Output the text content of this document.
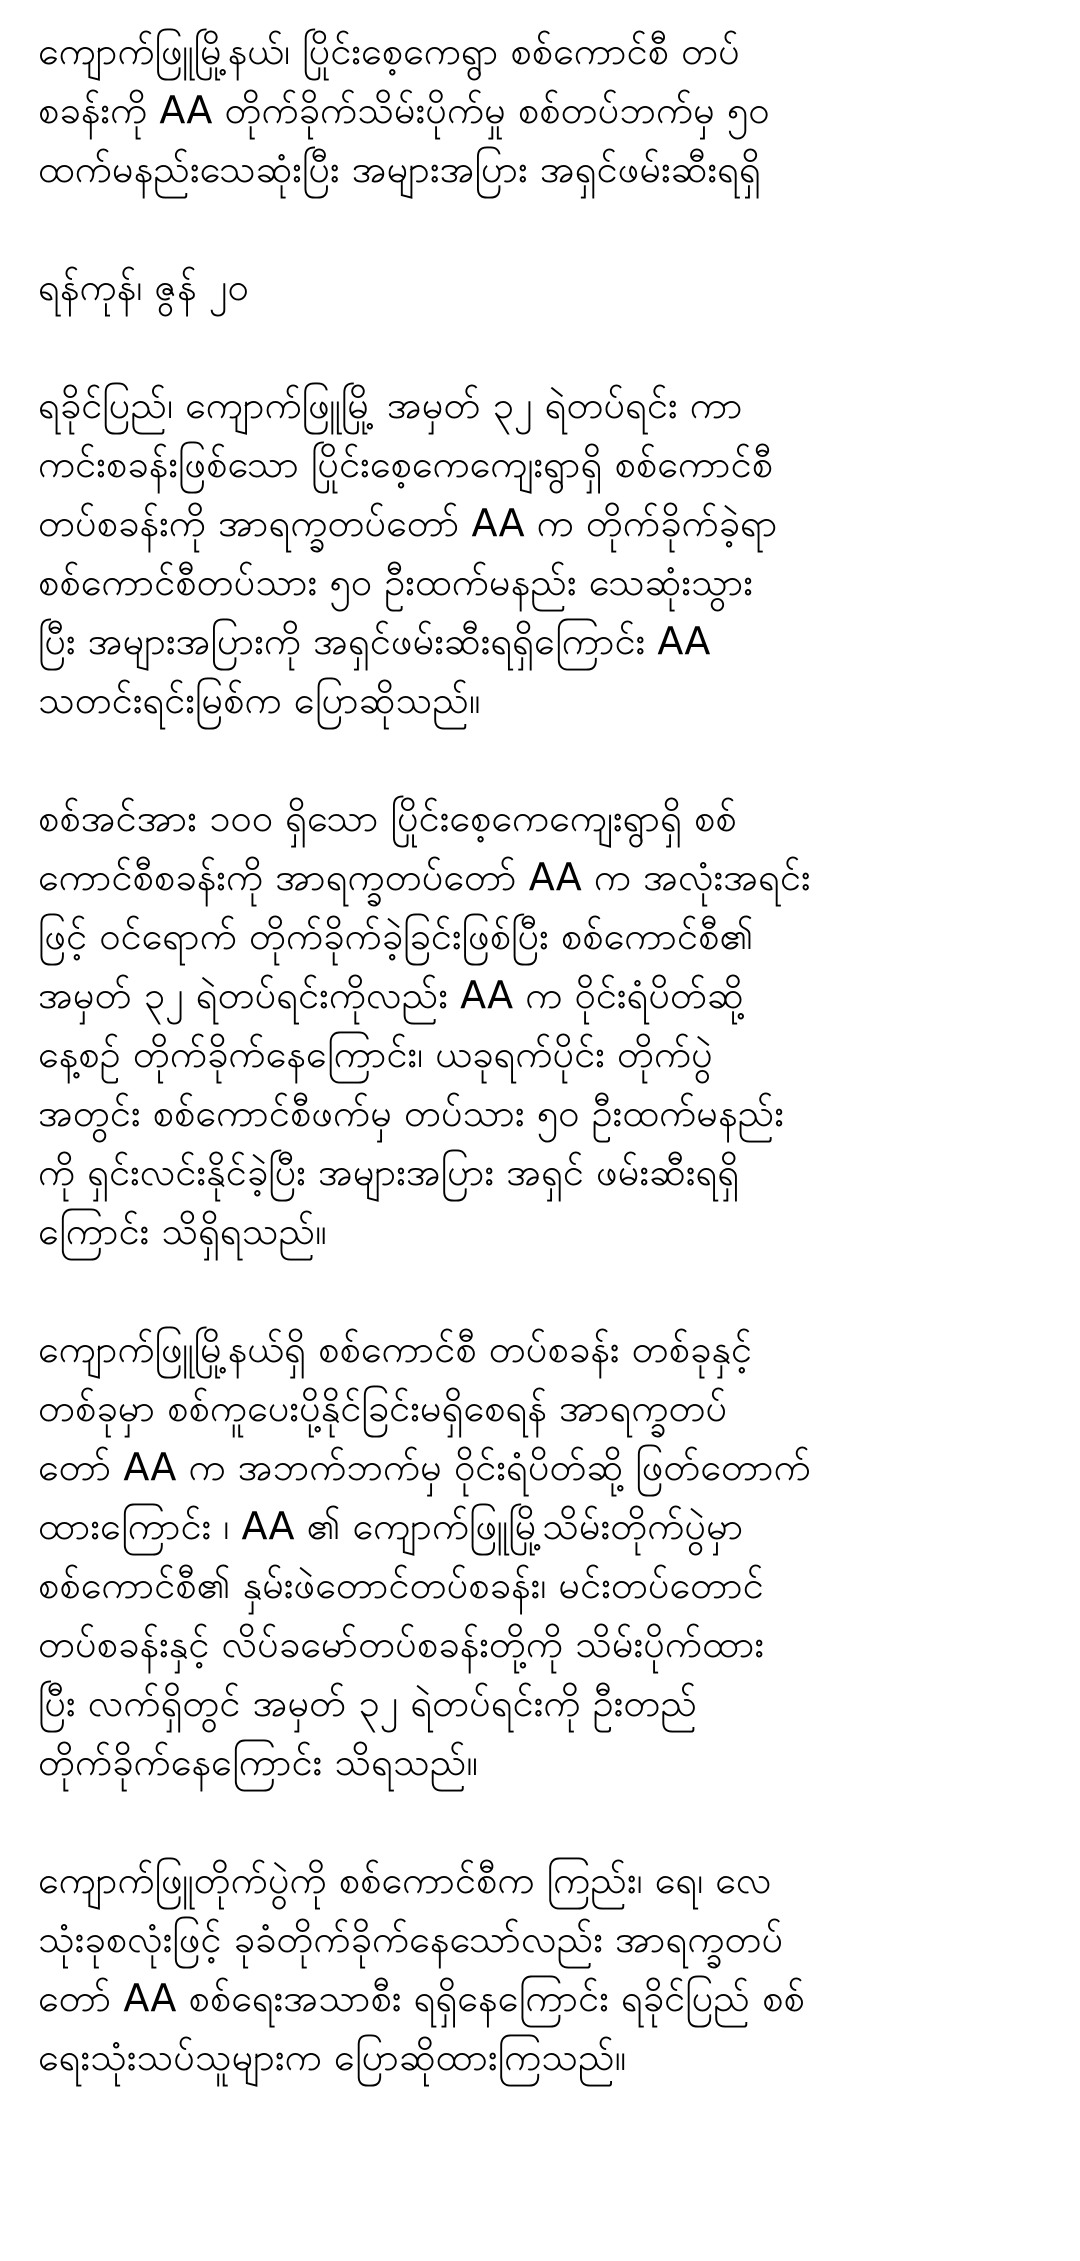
ကျောက်ဖြူမြို့နယ်၊ ပြိုင်းစေ့ကေရွာ စစ်ကောင်စီ တပ်
စခန်းကို AA တိုက်ခိုက်သိမ်းပိုက်မှု စစ်တပ်ဘက်မှ ၅၀
ထက်မနည်းသေဆုံးပြီး အများအပြား အရှင်ဖမ်းဆီးရရှိ
ရန်ကုန်၊ ဇွန် ၂၀
ရခိုင်ပြည်၊ ကျောက်ဖြူမြို့ အမှတ် ၃၂ ရဲတပ်ရင်း ကာ
ကင်းစခန်းဖြစ်သော ပြိုင်းစေ့ကေကျေးရွာရှိ စစ်ကောင်စီ
တပ်စခန်းကို အာရက္ခတပ်တော် AA က တိုက်ခိုက်ခဲ့ရာ
စစ်ကောင်စီတပ်သား ၅၀ ဦးထက်မနည်း သေဆုံးသွား
ပြီး အများအပြားကို အရှင်ဖမ်းဆီးရရှိကြောင်း AA
သတင်းရင်းမြစ်က ပြောဆိုသည်။
စစ်အင်အား ၁၀၀ ရှိသော ပြိုင်းစေ့ကေကျေးရွာရှိ စစ်
ကောင်စီစခန်းကို အာရက္ခတပ်တော် AA က အလုံးအရင်း
ဖြင့် ဝင်ရောက် တိုက်ခိုက်ခဲ့ခြင်းဖြစ်ပြီး စစ်ကောင်စီ၏
အမှတ် ၃၂ ရဲတပ်ရင်းကိုလည်း AA က ဝိုင်းရံပိတ်ဆို့
နေ့စဉ် တိုက်ခိုက်နေကြောင်း၊ ယခုရက်ပိုင်း တိုက်ပွဲ
အတွင်း စစ်ကောင်စီဖက်မှ တပ်သား ၅၀ ဦးထက်မနည်း
ကို ရှင်းလင်းနိုင်ခဲ့ပြီး အများအပြား အရှင် ဖမ်းဆီးရရှိ
ကြောင်း သိရှိရသည်။
ကျောက်ဖြူမြို့နယ်ရှိ စစ်ကောင်စီ တပ်စခန်း တစ်ခုနှင့်
တစ်ခုမှာ စစ်ကူပေးပို့နိုင်ခြင်းမရှိစေရန် အာရက္ခတပ်
တော် AA က အဘက်ဘက်မှ ဝိုင်းရံပိတ်ဆို့ ဖြတ်တောက်
ထားကြောင်း ၊ AA ၏ ကျောက်ဖြူမြို့သိမ်းတိုက်ပွဲမှာ
စစ်ကောင်စီ၏ နှမ်းဖဲတောင်တပ်စခန်း၊ မင်းတပ်တောင်
တပ်စခန်းနှင့် လိပ်ခမော်တပ်စခန်းတို့ကို သိမ်းပိုက်ထား
ပြီး လက်ရှိတွင် အမှတ် ၃၂ ရဲတပ်ရင်းကို ဦးတည်
တိုက်ခိုက်နေကြောင်း သိရသည်။
ကျောက်ဖြူတိုက်ပွဲကို စစ်ကောင်စီက ကြည်း၊ ရေ၊ လေ
သုံးခုစလုံးဖြင့် ခုခံတိုက်ခိုက်နေသော်လည်း အာရက္ခတပ်
တော် AA စစ်ရေးအသာစီး ရရှိနေကြောင်း ရခိုင်ပြည် စစ်
ရေးသုံးသပ်သူများက ပြောဆိုထားကြသည်။
